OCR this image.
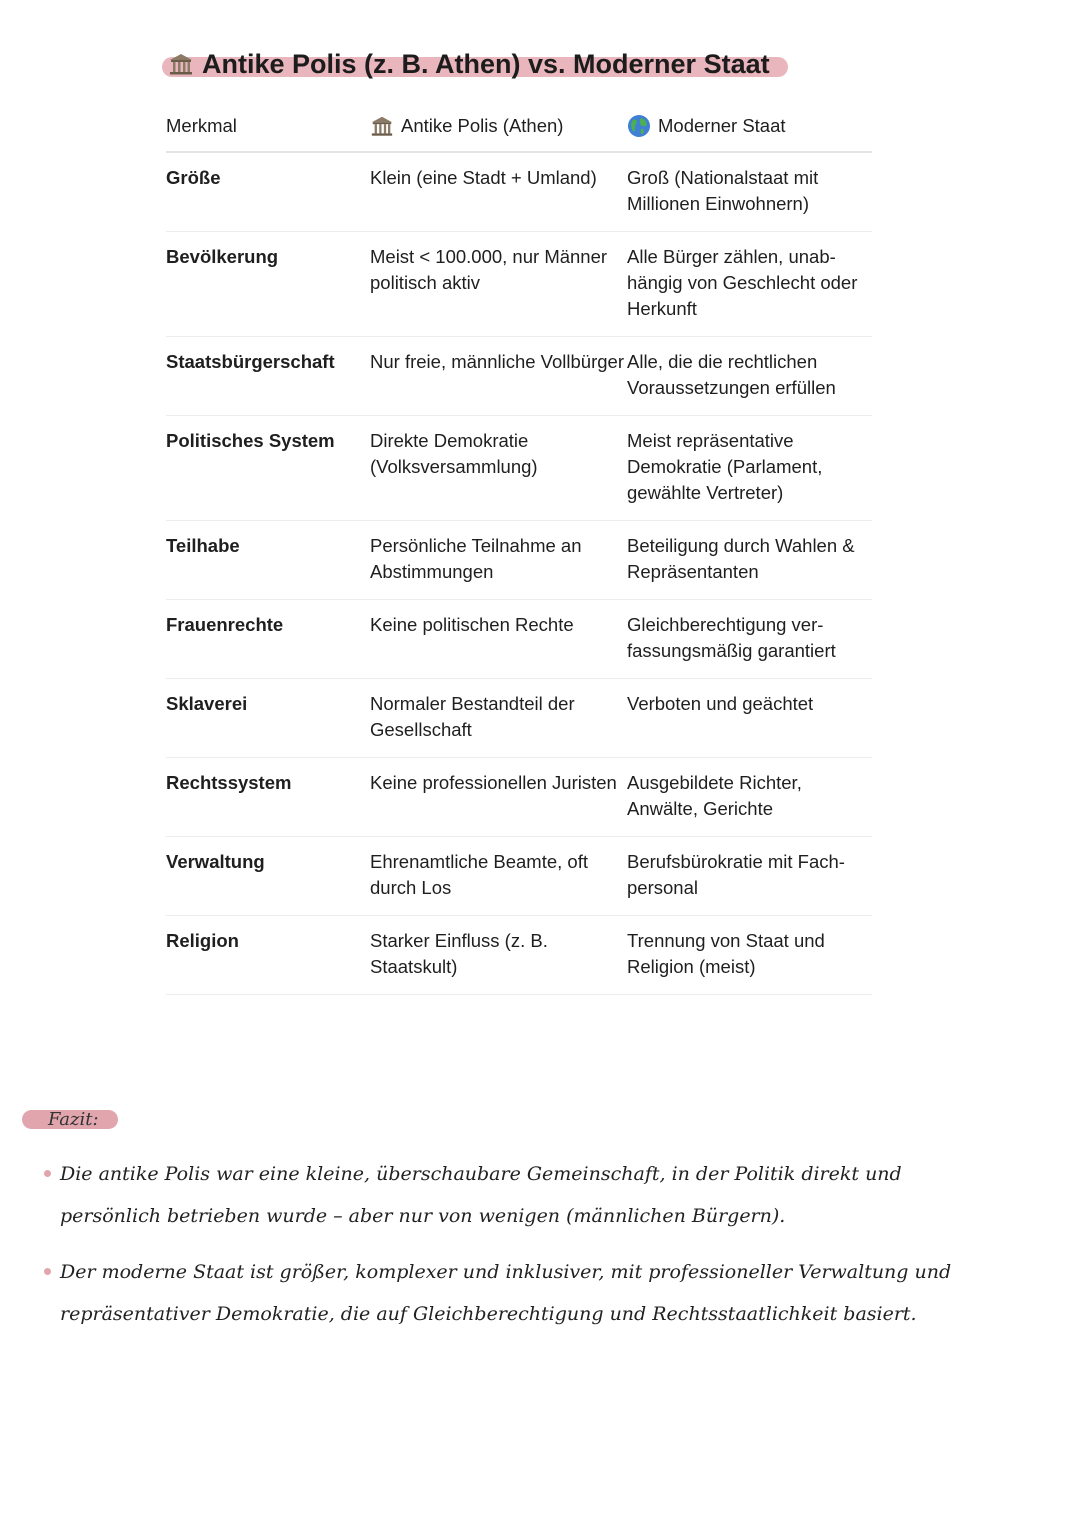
Antike Polis (z. B. Athen) vs. Moderner Staat
Merkmal	Antike Polis (Athen)	Moderner Staat

Größe	Klein (eine Stadt + Umland)	Groß (Nationalstaat mit Millionen Einwohnern)
Bevölkerung	Meist < 100.000, nur Männer politisch aktiv	Alle Bürger zählen, unab-hängig von Geschlecht oder Herkunft
Staatsbürgerschaft	Nur freie, männliche Vollbürger	Alle, die die rechtlichen Voraussetzungen erfüllen
Politisches System	Direkte Demokratie (Volksversammlung)	Meist repräsentative Demokratie (Parlament, gewählte Vertreter)
Teilhabe	Persönliche Teilnahme an Abstimmungen	Beteiligung durch Wahlen & Repräsentanten
Frauenrechte	Keine politischen Rechte	Gleichberechtigung ver-fassungsmäßig garantiert
Sklaverei	Normaler Bestandteil der Gesellschaft	Verboten und geächtet
Rechtssystem	Keine professionellen Juristen	Ausgebildete Richter, Anwälte, Gerichte
Verwaltung	Ehrenamtliche Beamte, oft durch Los	Berufsbürokratie mit Fach-personal
Religion	Starker Einfluss (z. B. Staatskult)	Trennung von Staat und Religion (meist)
Fazit:
Die antike Polis war eine kleine, überschaubare Gemeinschaft, in der Politik direkt und persönlich betrieben wurde – aber nur von wenigen (männlichen Bürgern).
Der moderne Staat ist größer, komplexer und inklusiver, mit professioneller Verwaltung und repräsentativer Demokratie, die auf Gleichberechtigung und Rechtsstaatlichkeit basiert.
